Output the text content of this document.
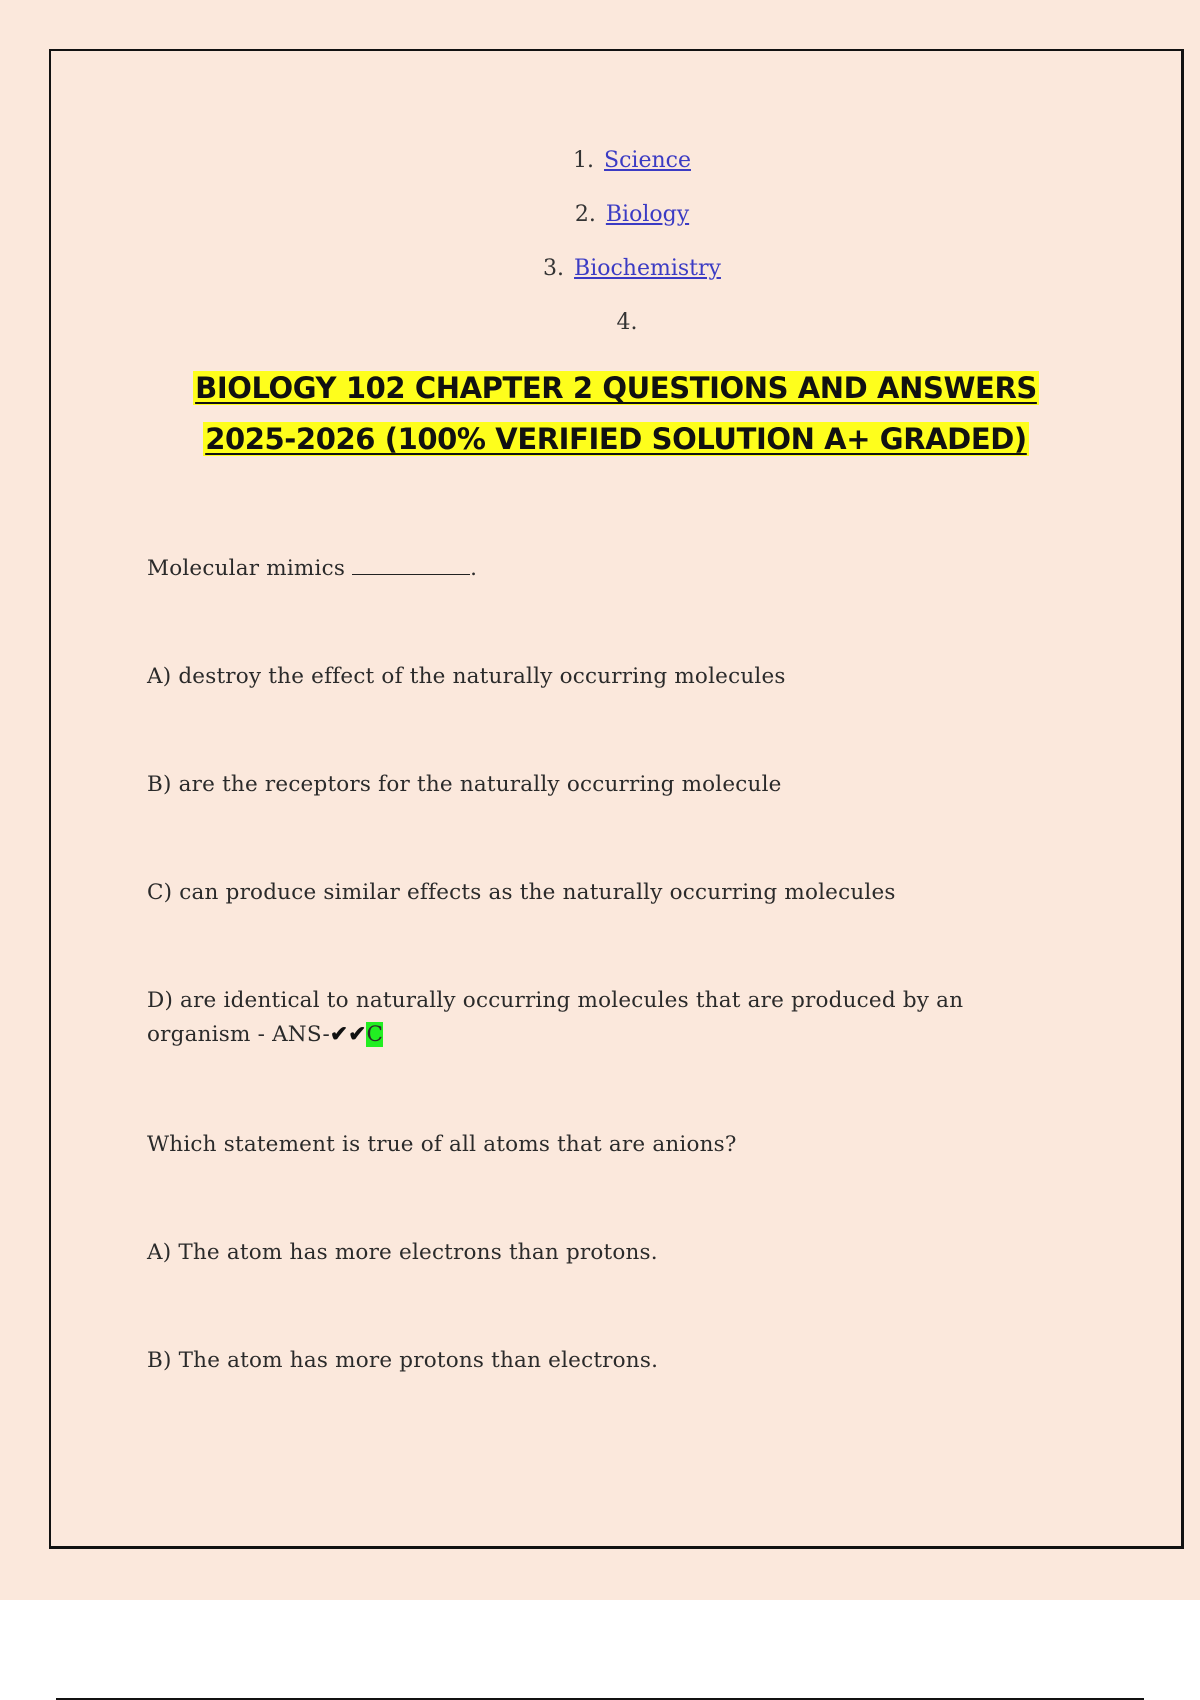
1. Science
2. Biology
3. Biochemistry
4.
BIOLOGY 102 CHAPTER 2 QUESTIONS AND ANSWERS
2025-2026 (100% VERIFIED SOLUTION A+ GRADED)
Molecular mimics	.
A) destroy the effect of the naturally occurring molecules
B) are the receptors for the naturally occurring molecule
C) can produce similar effects as the naturally occurring molecules
D) are identical to naturally occurring molecules that are produced by an
organism - ANS-✔✔C
Which statement is true of all atoms that are anions?
A) The atom has more electrons than protons.
B) The atom has more protons than electrons.
